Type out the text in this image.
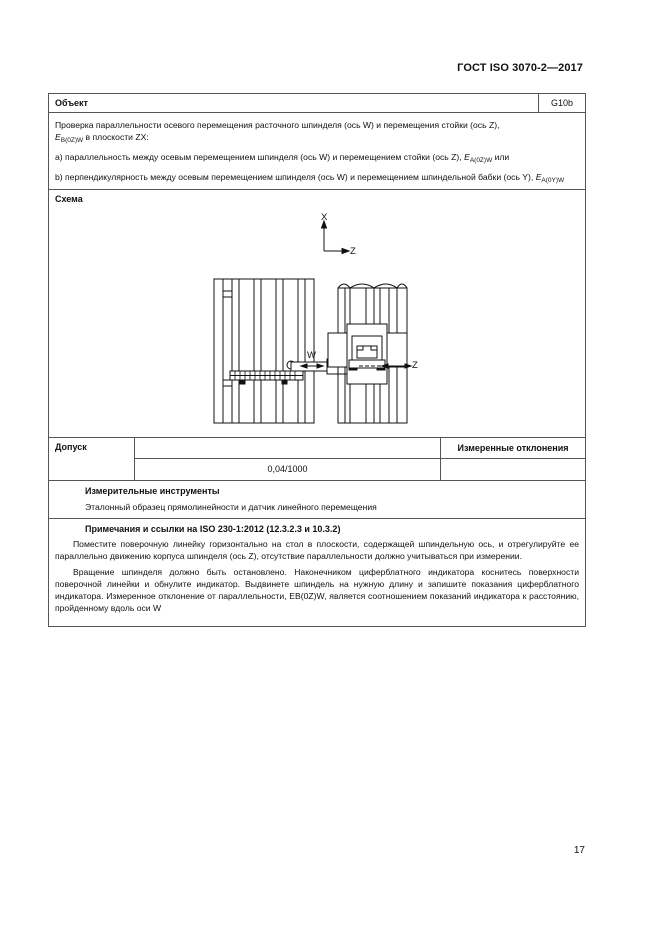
ГОСТ ISO 3070-2—2017
Объект	G10b

Проверка параллельности осевого перемещения расточного шпинделя (ось W) и перемещения стойки (ось Z),
$E_{B(0Z)W}$ в плоскости ZX:

а) параллельность между осевым перемещением шпинделя (ось W) и перемещением стойки (ось Z), $E_{A(0Z)W}$ или

b) перпендикулярность между осевым перемещением шпинделя (ось W) и перемещением шпиндельной бабки (ось Y), $E_{A(0Y)W}$

Схема
X
Z
W
Z
Допуск
0,04/1000
Измеренные отклонения
Измерительные инструменты
Эталонный образец прямолинейности и датчик линейного перемещения
Примечания и ссылки на ISO 230-1:2012 (12.3.2.3 и 10.3.2)

Поместите поверочную линейку горизонтально на стол в плоскости, содержащей шпиндельную ось, и отрегулируйте ее параллельно движению корпуса шпинделя (ось Z), отсутствие параллельности должно учитываться при измерении.

Вращение шпинделя должно быть остановлено. Наконечником циферблатного индикатора коснитесь поверхности поверочной линейки и обнулите индикатор. Выдвинете шпиндель на нужную длину и запишите показания циферблатного индикатора. Измеренное отклонение от параллельности, EB(0Z)W, является соотношением показаний индикатора к расстоянию, пройденному вдоль оси W

17
